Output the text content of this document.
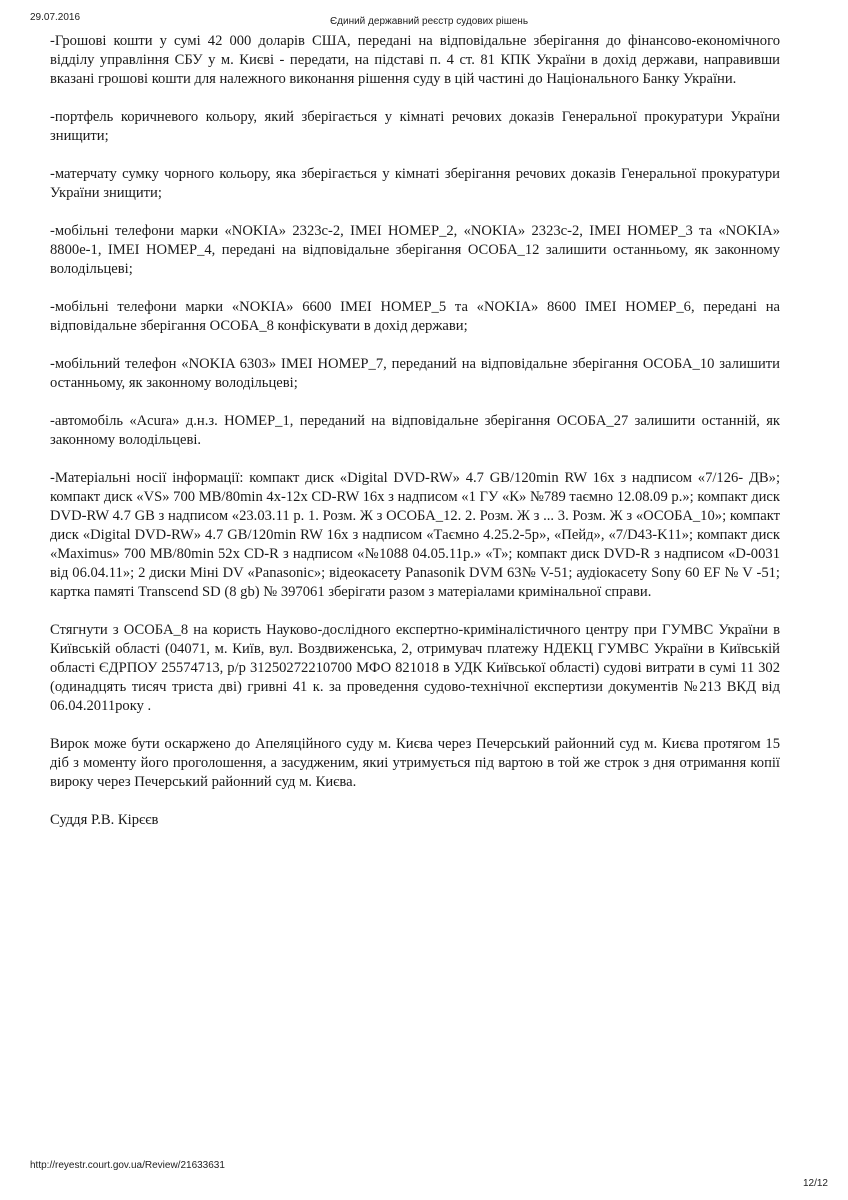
29.07.2016	Єдиний державний реєстр судових рішень

-Грошові кошти у сумі 42 000 доларів США, передані на відповідальне зберігання до фінансово-економічного відділу управління СБУ у м. Києві - передати, на підставі п. 4 ст. 81 КПК України в дохід держави, направивши вказані грошові кошти для належного виконання рішення суду в цій частині до Національного Банку України.

-портфель коричневого кольору, який зберігається у кімнаті речових доказів Генеральної прокуратури України знищити;

-матерчату сумку чорного кольору, яка зберігається у кімнаті зберігання речових доказів Генеральної прокуратури України знищити;

-мобільні телефони марки «NOKIA» 2323с-2, IMEI НОМЕР_2, «NOKIA» 2323с-2, IMEI НОМЕР_3 та «NOKIA» 8800е-1, IMEI НОМЕР_4, передані на відповідальне зберігання ОСОБА_12 залишити останньому, як законному володільцеві;

-мобільні телефони марки «NOKIA» 6600 IMEI НОМЕР_5 та «NOKIA» 8600 IMEI НОМЕР_6, передані на відповідальне зберігання ОСОБА_8 конфіскувати в дохід держави;

-мобільний телефон «NOKIA 6303» IMEI НОМЕР_7, переданий на відповідальне зберігання ОСОБА_10 залишити останньому, як законному володільцеві;

-автомобіль «Acura» д.н.з. НОМЕР_1, переданий на відповідальне зберігання ОСОБА_27 залишити останній, як законному володільцеві.

-Матеріальні носії інформації: компакт диск «Digital DVD-RW» 4.7 GB/120min RW 16х з надписом «7/126- ДВ»; компакт диск «VS» 700 MB/80min 4х-12х CD-RW 16х з надписом «1 ГУ «К» №789 таємно 12.08.09 р.»; компакт диск DVD-RW 4.7 GB з надписом «23.03.11 р. 1. Розм. Ж з ОСОБА_12. 2. Розм. Ж з ... 3. Розм. Ж з «ОСОБА_10»; компакт диск «Digital DVD-RW» 4.7 GB/120min RW 16х з надписом «Таємно 4.25.2-5р», «Пейд», «7/D43-K11»; компакт диск «Maximus» 700 MB/80min 52х CD-R з надписом «№1088 04.05.11р.» «Т»; компакт диск DVD-R з надписом «D-0031 від 06.04.11»; 2 диски Міні DV «Panasonic»; відеокасету Panasonik DVM 63№ V-51; аудіокасету Sony 60 EF № V -51; картка памяті Transcend SD (8 gb) № 397061 зберігати разом з матеріалами кримінальної справи.

Стягнути з ОСОБА_8 на користь Науково-дослідного експертно-криміналістичного центру при ГУМВС України в Київській області (04071, м. Київ, вул. Воздвиженська, 2, отримувач платежу НДЕКЦ ГУМВС України в Київській області ЄДРПОУ 25574713, р/р 31250272210700 МФО 821018 в УДК Київської області) судові витрати в сумі 11 302 (одинадцять тисяч триста дві) гривні 41 к. за проведення судово-технічної експертизи документів №213 ВКД від 06.04.2011року .

Вирок може бути оскаржено до Апеляційного суду м. Києва через Печерський районний суд м. Києва протягом 15 діб з моменту його проголошення, а засудженим, якиі утримується під вартою в той же строк з дня отримання копії вироку через Печерський районний суд м. Києва.

Суддя Р.В. Кірєєв

http://reyestr.court.gov.ua/Review/21633631
12/12
